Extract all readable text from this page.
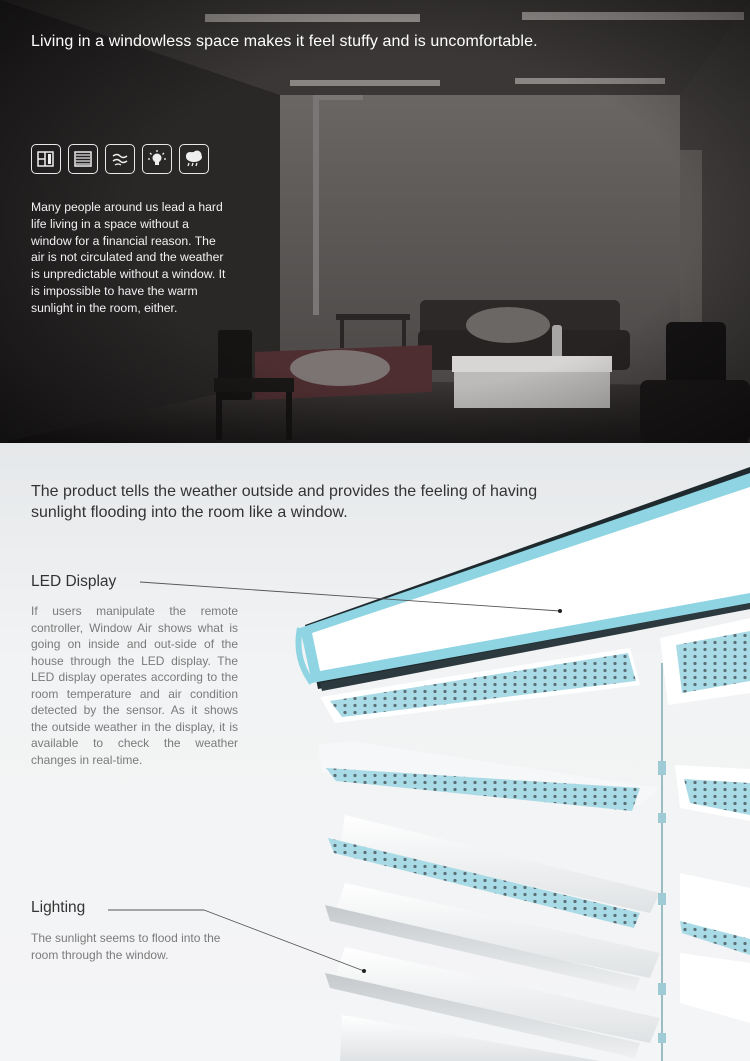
Living in a windowless space makes it feel stuffy and is uncomfortable.
Many people around us lead a hard life living in a space without a window for a financial reason. The air is not circulated and the weather is unpredictable without a window. It is impossible to have the warm sunlight in the room, either.
The product tells the weather outside and provides the feeling of having sunlight flooding into the room like a window.
LED Display
If users manipulate the remote controller, Window Air shows what is going on inside and out-side of the house through the LED display. The LED display operates according to the room temperature and air condition detected by the sensor. As it shows the outside weather in the display, it is available to check the weather changes in real-time.
Lighting
The sunlight seems to flood into the room through the window.
